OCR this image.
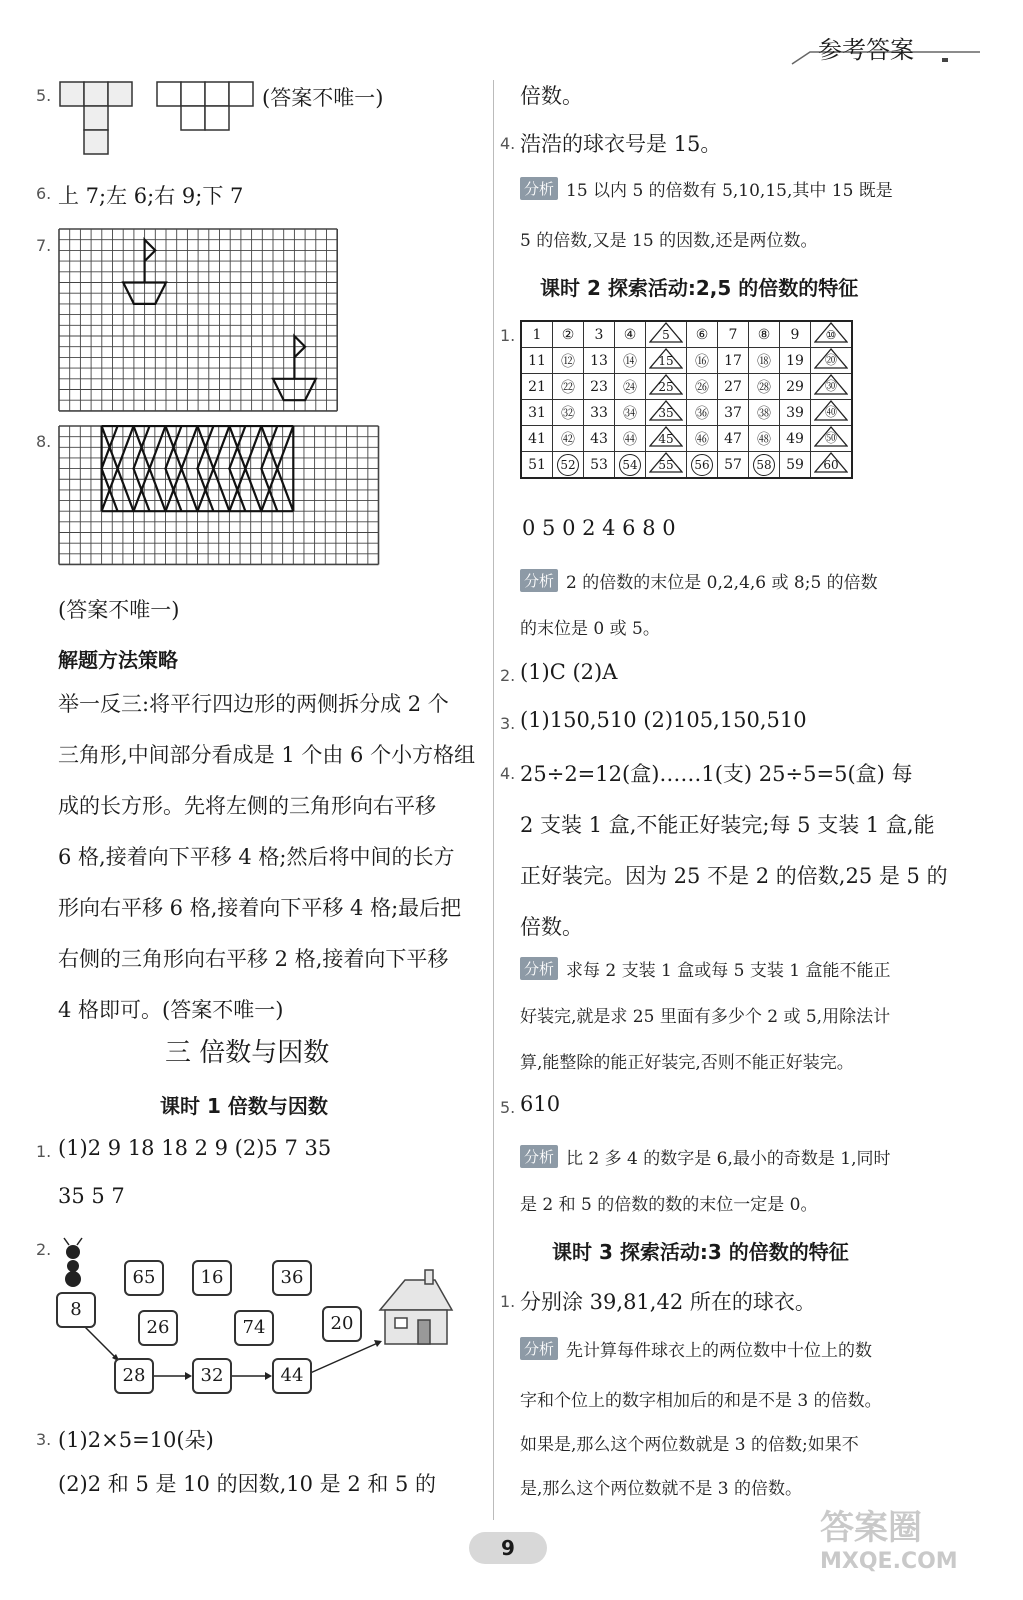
参考答案
5.	(答案不唯一)
6. 上 7;左 6;右 9;下 7
7.
8.
(答案不唯一)
解题方法策略
举一反三:将平行四边形的两侧拆分成 2 个
三角形,中间部分看成是 1 个由 6 个小方格组
成的长方形。先将左侧的三角形向右平移
6 格,接着向下平移 4 格;然后将中间的长方
形向右平移 6 格,接着向下平移 4 格;最后把
右侧的三角形向右平移 2 格,接着向下平移
4 格即可。(答案不唯一)
三 倍数与因数
课时 1 倍数与因数
1. (1)2 9 18 18 2 9 (2)5 7 35
35 5 7
2.
8
65	16	36
26	74	20
28	32	44
3. (1)2×5=10(朵)
(2)2 和 5 是 10 的因数,10 是 2 和 5 的
倍数。
4. 浩浩的球衣号是 15。
分析 15 以内 5 的倍数有 5,10,15,其中 15 既是
5 的倍数,又是 15 的因数,还是两位数。
课时 2 探索活动:2,5 的倍数的特征
1. 1	②	3	④	5	⑥	7	⑧	9	⑩

11	⑫	13	⑭	15	⑯	17	⑱	19	⑳

21	㉒	23	㉔	25	㉖	27	㉘	29	㉚

31	㉜	33	㉞	35	㊱	37	㊳	39	㊵

41	㊷	43	㊹	45	㊻	47	㊽	49	㊿

51	52	53	54	55	56	57	58	59	60
0 5 0 2 4 6 8 0
分析 2 的倍数的末位是 0,2,4,6 或 8;5 的倍数
的末位是 0 或 5。
2. (1)C (2)A
3. (1)150,510 (2)105,150,510
4. 25÷2=12(盒)……1(支) 25÷5=5(盒) 每
2 支装 1 盒,不能正好装完;每 5 支装 1 盒,能
正好装完。因为 25 不是 2 的倍数,25 是 5 的
倍数。
分析 求每 2 支装 1 盒或每 5 支装 1 盒能不能正
好装完,就是求 25 里面有多少个 2 或 5,用除法计
算,能整除的能正好装完,否则不能正好装完。
5. 610
分析 比 2 多 4 的数字是 6,最小的奇数是 1,同时
是 2 和 5 的倍数的数的末位一定是 0。
课时 3 探索活动:3 的倍数的特征
1. 分别涂 39,81,42 所在的球衣。
分析 先计算每件球衣上的两位数中十位上的数
字和个位上的数字相加后的和是不是 3 的倍数。
如果是,那么这个两位数就是 3 的倍数;如果不
是,那么这个两位数就不是 3 的倍数。
9	答案圈
MXQE.COM
